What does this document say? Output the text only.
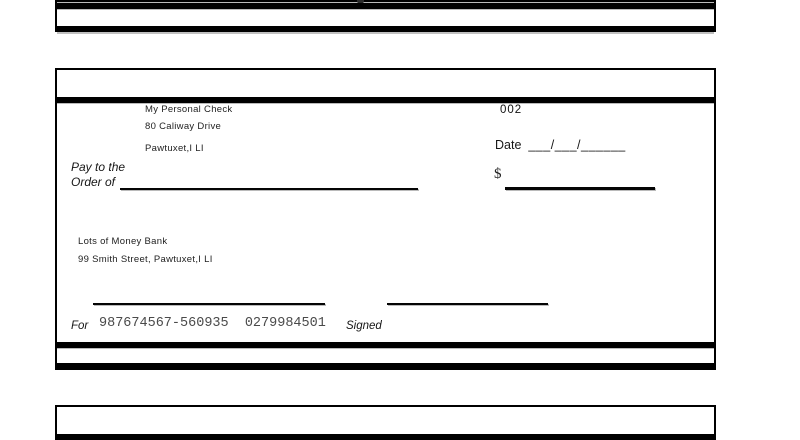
My Personal Check
80 Caliway Drive
Pawtuxet,I LI
002
Date ___/___/______
Pay to the
Order of	$
Lots of Money Bank
99 Smith Street, Pawtuxet,I LI
For 987674567-560935  0279984501 Signed
